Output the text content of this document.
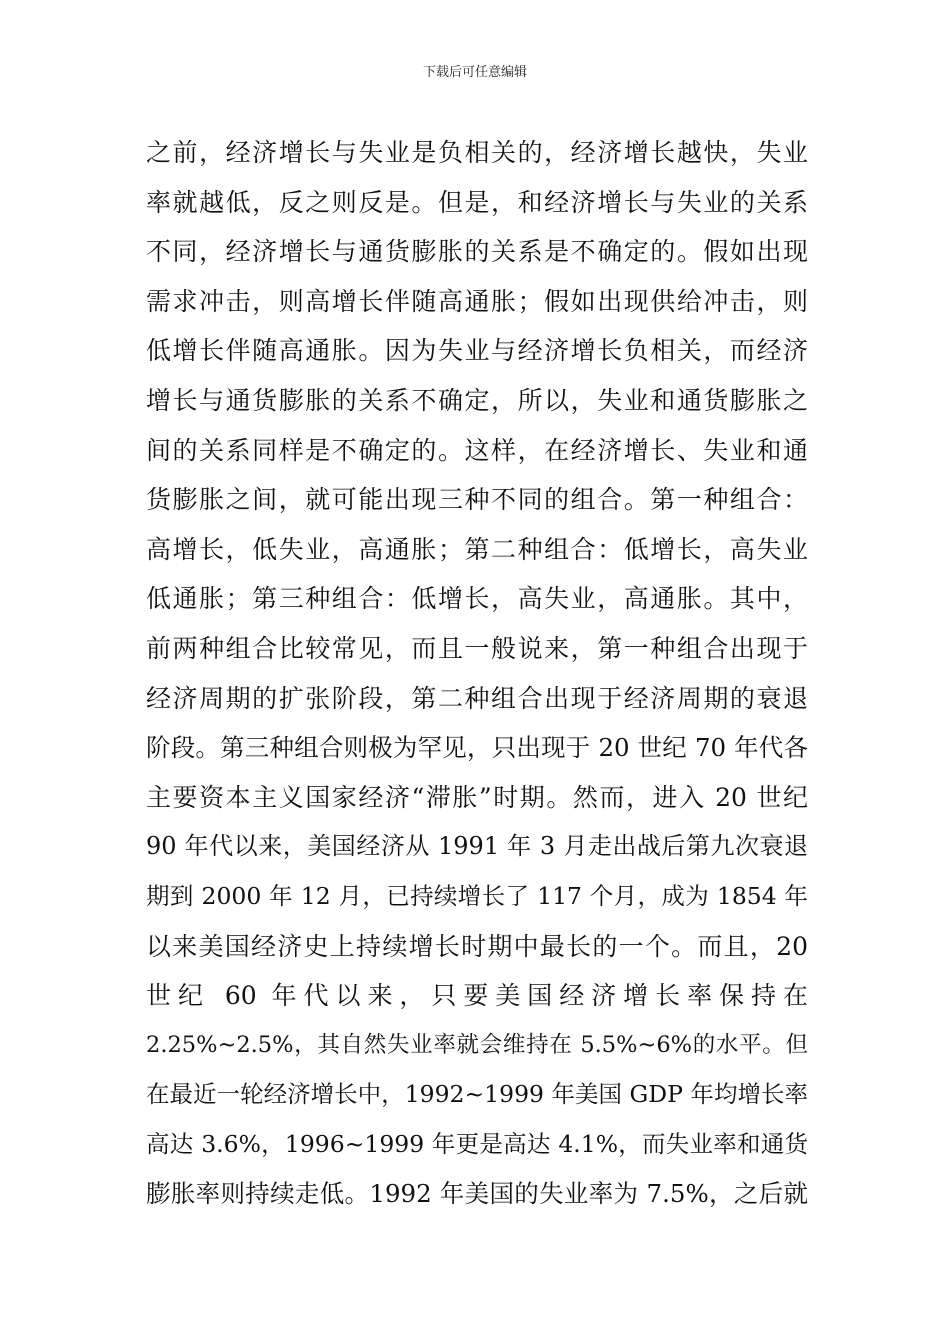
下载后可任意编辑
之前，经济增长与失业是负相关的，经济增长越快，失业
率就越低，反之则反是。但是，和经济增长与失业的关系
不同，经济增长与通货膨胀的关系是不确定的。假如出现
需求冲击，则高增长伴随高通胀；假如出现供给冲击，则
低增长伴随高通胀。因为失业与经济增长负相关，而经济
增长与通货膨胀的关系不确定，所以，失业和通货膨胀之
间的关系同样是不确定的。这样，在经济增长、失业和通
货膨胀之间，就可能出现三种不同的组合。第一种组合：
高增长，低失业，高通胀；第二种组合：低增长，高失业
低通胀；第三种组合：低增长，高失业，高通胀。其中，
前两种组合比较常见，而且一般说来，第一种组合出现于
经济周期的扩张阶段，第二种组合出现于经济周期的衰退
阶段。第三种组合则极为罕见，只出现于 20 世纪 70 年代各
主要资本主义国家经济“滞胀”时期。然而，进入 20 世纪
90 年代以来，美国经济从 1991 年 3 月走出战后第九次衰退
期到 2000 年 12 月，已持续增长了 117 个月，成为 1854 年
以来美国经济史上持续增长时期中最长的一个。而且，20
世纪 60 年代以来，只要美国经济增长率保持在
2.25%~2.5%，其自然失业率就会维持在 5.5%~6%的水平。但
在最近一轮经济增长中，1992~1999 年美国 GDP 年均增长率
高达 3.6%，1996~1999 年更是高达 4.1%，而失业率和通货
膨胀率则持续走低。1992 年美国的失业率为 7.5%，之后就
